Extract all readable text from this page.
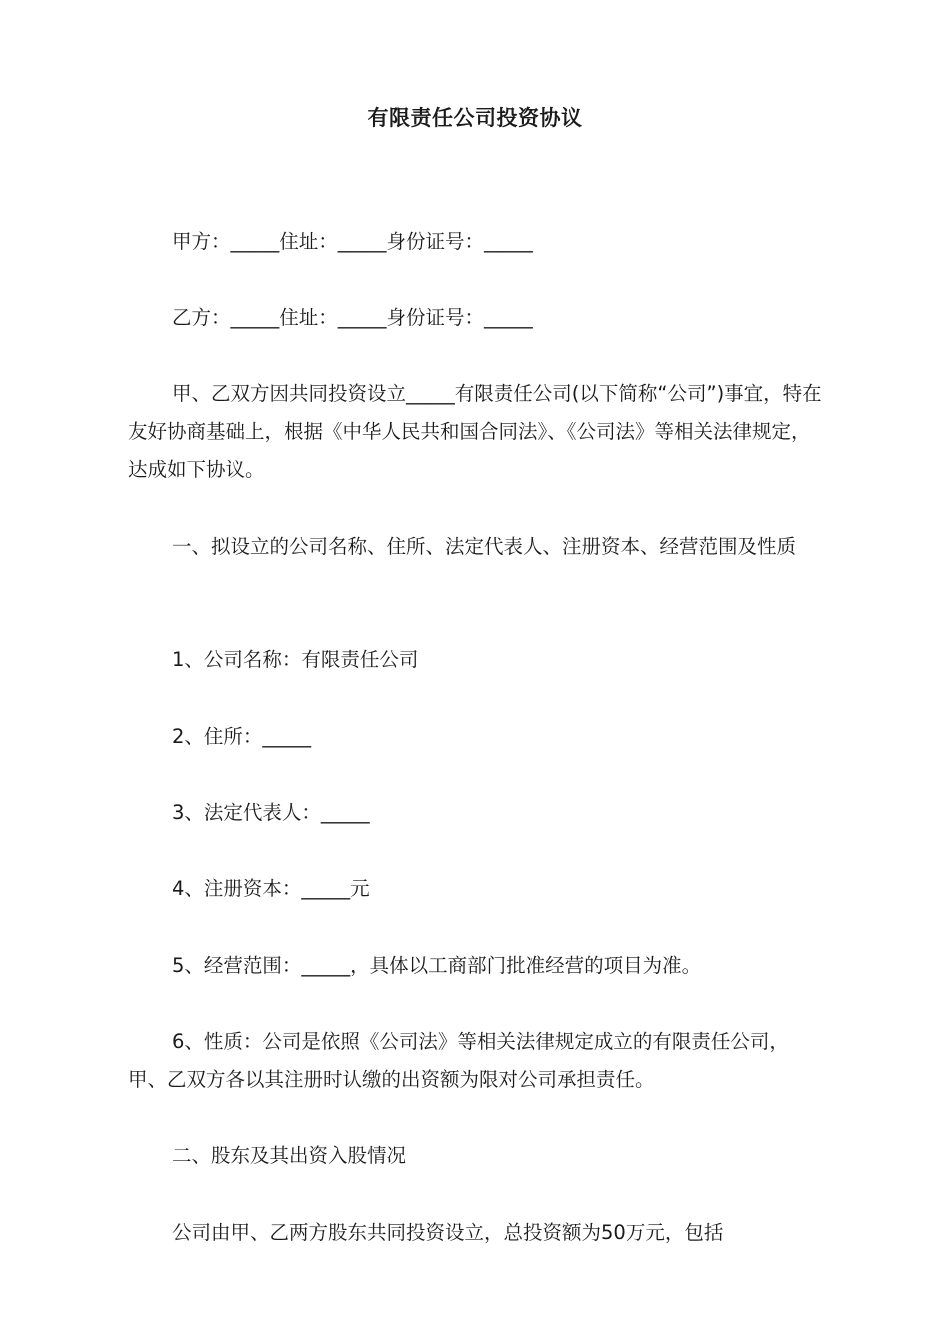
有限责任公司投资协议
甲方：_____住址：_____身份证号：_____
乙方：_____住址：_____身份证号：_____
甲、乙双方因共同投资设立_____有限责任公司(以下简称“公司”)事宜，特在友好协商基础上，根据《中华人民共和国合同法》、《公司法》等相关法律规定，达成如下协议。
一、拟设立的公司名称、住所、法定代表人、注册资本、经营范围及性质
1、公司名称：有限责任公司
2、住所：_____
3、法定代表人：_____
4、注册资本：_____元
5、经营范围：_____，具体以工商部门批准经营的项目为准。
6、性质：公司是依照《公司法》等相关法律规定成立的有限责任公司，甲、乙双方各以其注册时认缴的出资额为限对公司承担责任。
二、股东及其出资入股情况
公司由甲、乙两方股东共同投资设立，总投资额为50万元，包括
